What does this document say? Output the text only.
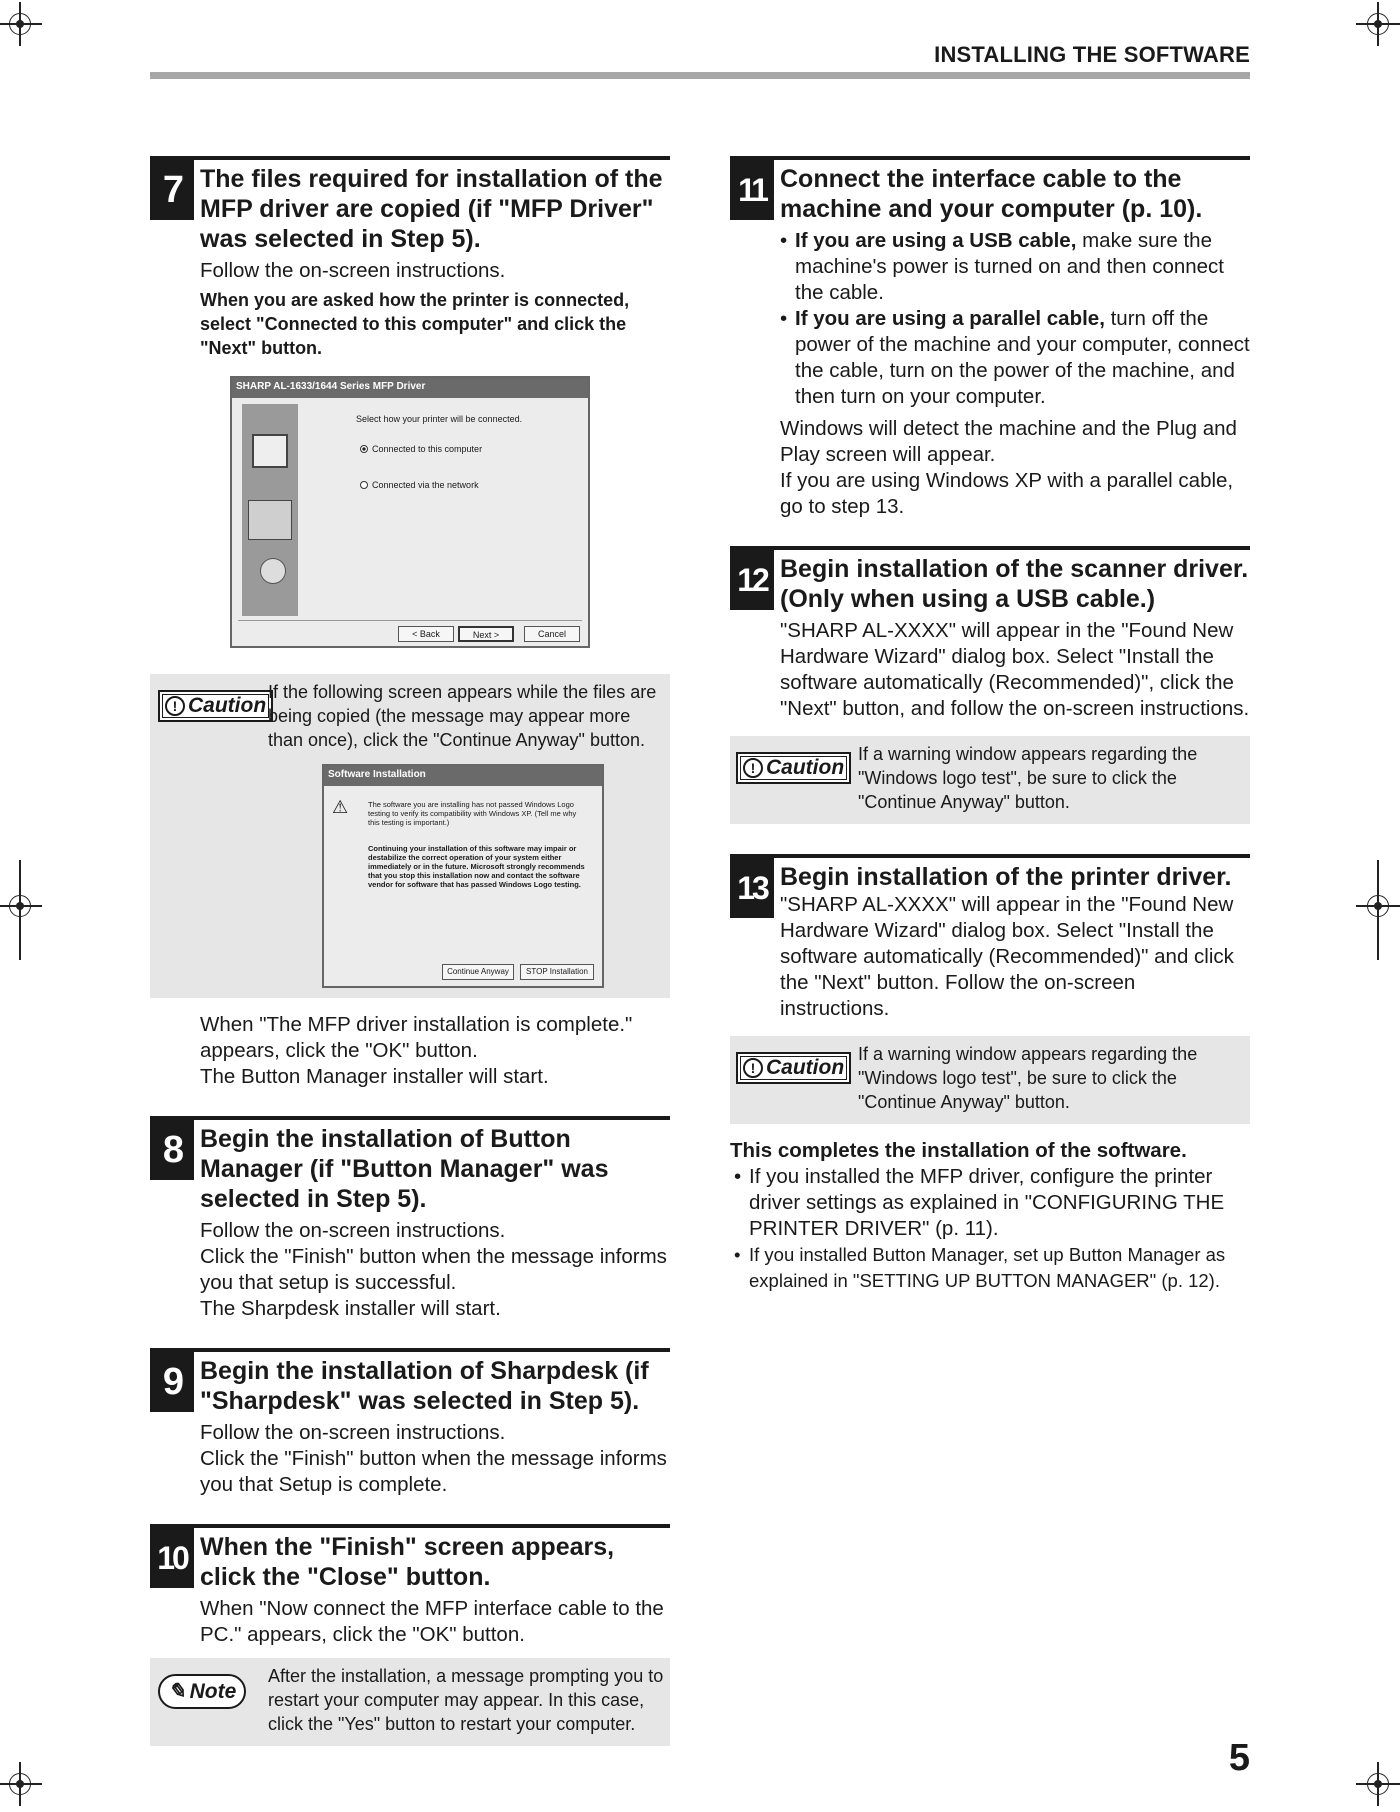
INSTALLING THE SOFTWARE
7 The files required for installation of the MFP driver are copied (if "MFP Driver" was selected in Step 5).
Follow the on-screen instructions.
When you are asked how the printer is connected, select "Connected to this computer" and click the "Next" button.
SHARP AL-1633/1644 Series MFP Driver
Select how your printer will be connected.
Connected to this computer
Connected via the network
< Back	Next >	Cancel
! Caution
If the following screen appears while the files are being copied (the message may appear more than once), click the "Continue Anyway" button.
Software Installation
⚠	The software you are installing has not passed Windows Logo testing to verify its compatibility with Windows XP. (Tell me why this testing is important.)
Continuing your installation of this software may impair or destabilize the correct operation of your system either immediately or in the future. Microsoft strongly recommends that you stop this installation now and contact the software vendor for software that has passed Windows Logo testing.
Continue Anyway	STOP Installation
When "The MFP driver installation is complete."
appears, click the "OK" button.
The Button Manager installer will start.
8 Begin the installation of Button Manager (if "Button Manager" was selected in Step 5).
Follow the on-screen instructions.
Click the "Finish" button when the message informs you that setup is successful.
The Sharpdesk installer will start.
9 Begin the installation of Sharpdesk (if "Sharpdesk" was selected in Step 5).
Follow the on-screen instructions.
Click the "Finish" button when the message informs you that Setup is complete.
10 When the "Finish" screen appears, click the "Close" button.
When "Now connect the MFP interface cable to the PC." appears, click the "OK" button.
✎ Note
After the installation, a message prompting you to restart your computer may appear. In this case, click the "Yes" button to restart your computer.
11 Connect the interface cable to the machine and your computer (p. 10).
• If you are using a USB cable, make sure the machine's power is turned on and then connect the cable.
• If you are using a parallel cable, turn off the power of the machine and your computer, connect the cable, turn on the power of the machine, and then turn on your computer.
Windows will detect the machine and the Plug and Play screen will appear.
If you are using Windows XP with a parallel cable, go to step 13.
12 Begin installation of the scanner driver. (Only when using a USB cable.)
"SHARP AL-XXXX" will appear in the "Found New Hardware Wizard" dialog box. Select "Install the software automatically (Recommended)", click the "Next" button, and follow the on-screen instructions.
! Caution
If a warning window appears regarding the "Windows logo test", be sure to click the "Continue Anyway" button.
13 Begin installation of the printer driver.
"SHARP AL-XXXX" will appear in the "Found New Hardware Wizard" dialog box. Select "Install the software automatically (Recommended)" and click the "Next" button. Follow the on-screen instructions.
! Caution
If a warning window appears regarding the "Windows logo test", be sure to click the "Continue Anyway" button.
This completes the installation of the software.
• If you installed the MFP driver, configure the printer driver settings as explained in "CONFIGURING THE PRINTER DRIVER" (p. 11).
• If you installed Button Manager, set up Button Manager as explained in "SETTING UP BUTTON MANAGER" (p. 12).
5
